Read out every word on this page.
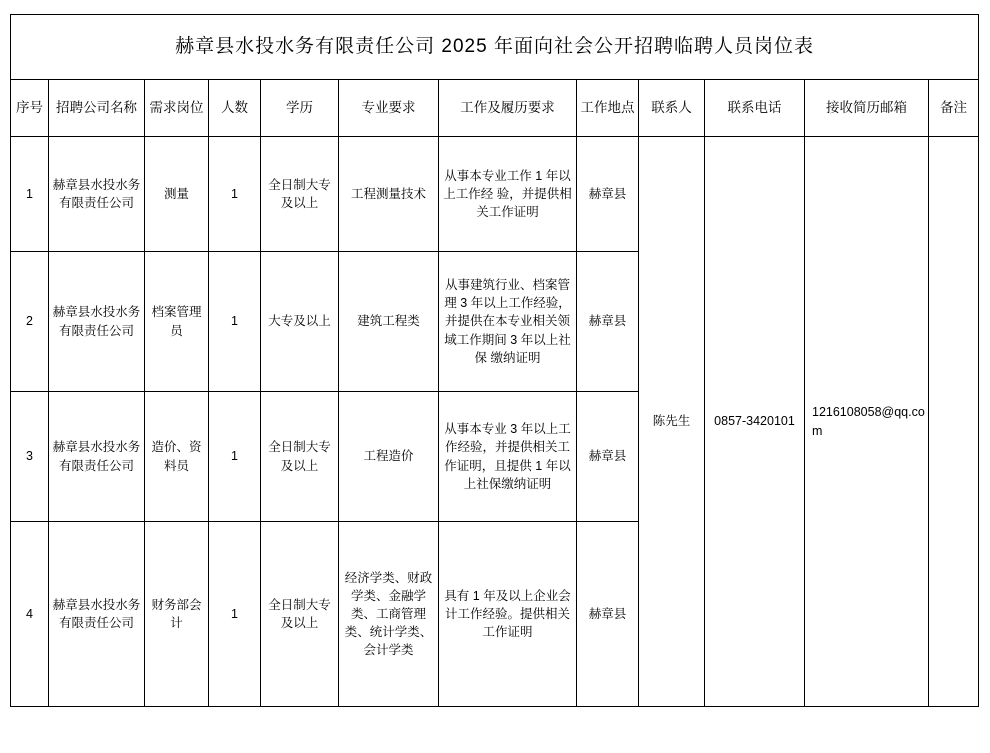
赫章县水投水务有限责任公司 2025 年面向社会公开招聘临聘人员岗位表											
序号	招聘公司名称	需求岗位	人数	学历	专业要求	工作及履历要求	工作地点	联系人	联系电话	接收简历邮箱	备注

1	赫章县水投水务有限责任公司	测量	1	全日制大专 及以上	工程测量技术	从事本专业工作 1 年以上工作经 验，并提供相关工作证明	赫章县	陈先生	0857-3420101	1216108058@qq.com	

2	赫章县水投水务有限责任公司	档案管理员	1	大专及以上	建筑工程类	从事建筑行业、档案管理 3 年以上工作经验，并提供在本专业相关领域工作期间 3 年以上社保 缴纳证明	赫章县				

3	赫章县水投水务有限责任公司	造价、资料员	1	全日制大专 及以上	工程造价	从事本专业 3 年以上工作经验，并提供相关工作证明，且提供 1 年以上社保缴纳证明	赫章县				

4	赫章县水投水务有限责任公司	财务部会计	1	全日制大专 及以上	经济学类、财政学类、金融学类、工商管理类、统计学类、会计学类	具有 1 年及以上企业会计工作经验。提供相关工作证明	赫章县				
